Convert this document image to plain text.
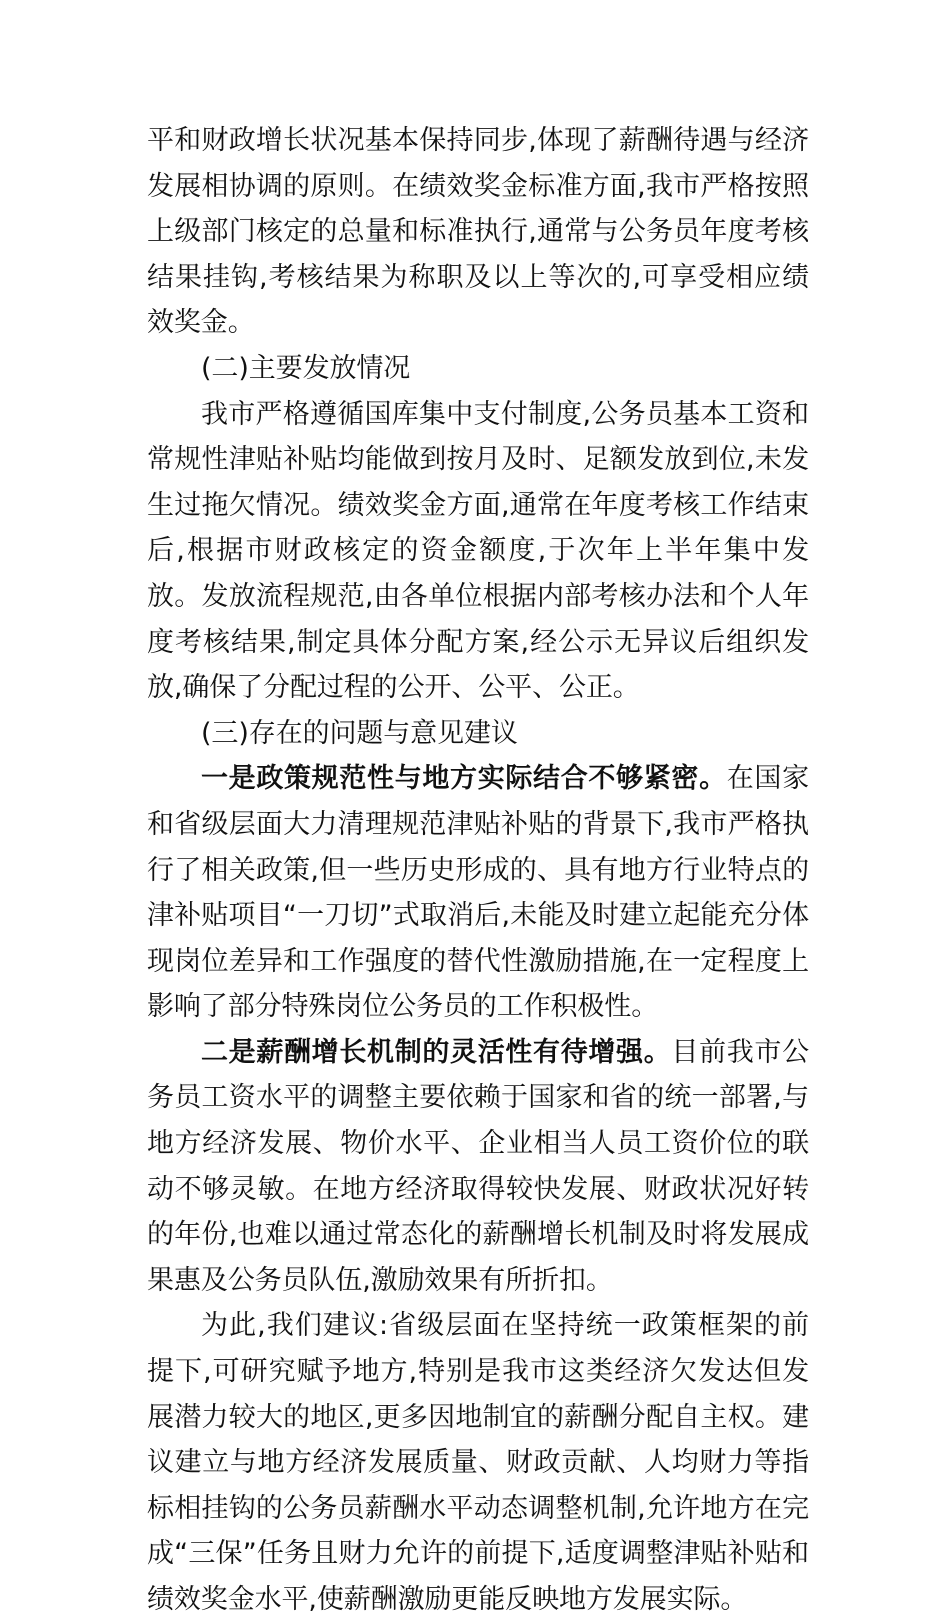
平和财政增长状况基本保持同步,体现了薪酬待遇与经济发展相协调的原则。在绩效奖金标准方面,我市严格按照上级部门核定的总量和标准执行,通常与公务员年度考核结果挂钩,考核结果为称职及以上等次的,可享受相应绩效奖金。

(二)主要发放情况

我市严格遵循国库集中支付制度,公务员基本工资和常规性津贴补贴均能做到按月及时、足额发放到位,未发生过拖欠情况。绩效奖金方面,通常在年度考核工作结束后,根据市财政核定的资金额度,于次年上半年集中发放。发放流程规范,由各单位根据内部考核办法和个人年度考核结果,制定具体分配方案,经公示无异议后组织发放,确保了分配过程的公开、公平、公正。

(三)存在的问题与意见建议

一是政策规范性与地方实际结合不够紧密。在国家和省级层面大力清理规范津贴补贴的背景下,我市严格执行了相关政策,但一些历史形成的、具有地方行业特点的津补贴项目“一刀切”式取消后,未能及时建立起能充分体现岗位差异和工作强度的替代性激励措施,在一定程度上影响了部分特殊岗位公务员的工作积极性。

二是薪酬增长机制的灵活性有待增强。目前我市公务员工资水平的调整主要依赖于国家和省的统一部署,与地方经济发展、物价水平、企业相当人员工资价位的联动不够灵敏。在地方经济取得较快发展、财政状况好转的年份,也难以通过常态化的薪酬增长机制及时将发展成果惠及公务员队伍,激励效果有所折扣。

为此,我们建议:省级层面在坚持统一政策框架的前提下,可研究赋予地方,特别是我市这类经济欠发达但发展潜力较大的地区,更多因地制宜的薪酬分配自主权。建议建立与地方经济发展质量、财政贡献、人均财力等指标相挂钩的公务员薪酬水平动态调整机制,允许地方在完成“三保”任务且财力允许的前提下,适度调整津贴补贴和绩效奖金水平,使薪酬激励更能反映地方发展实际。
